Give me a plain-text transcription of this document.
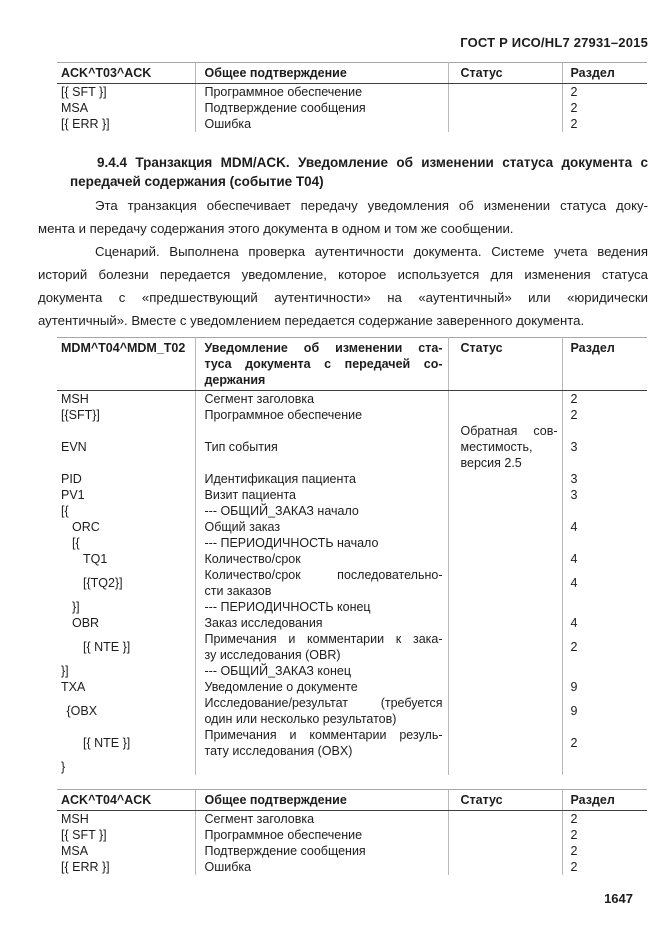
ГОСТ Р ИСО/HL7 27931–2015
ACK^T03^ACK	Общее подтверждение	Статус	Раздел
[{ SFT }]	Программное обеспечение		2
MSA	Подтверждение сообщения		2
[{ ERR }]	Ошибка		2
9.4.4 Транзакция MDM/ACK. Уведомление об изменении статуса документа с
передачей содержания (событие T04)
Эта транзакция обеспечивает передачу уведомления об изменении статуса доку-
мента и передачу содержания этого документа в одном и том же сообщении.
Сценарий. Выполнена проверка аутентичности документа. Системе учета ведения
историй болезни передается уведомление, которое используется для изменения статуса
документа с «предшествующий аутентичности» на «аутентичный» или «юридически
аутентичный». Вместе с уведомлением передается содержание заверенного документа.
MDM^T04^MDM_T02	Уведомление об изменении ста-
туса документа с передачей со-
держания	Статус	Раздел
MSH	Сегмент заголовка		2
[{SFT}]	Программное обеспечение		2
EVN	Тип события	Обратная сов-
местимость,
версия 2.5	3
PID	Идентификация пациента		3
PV1	Визит пациента		3
[{	--- ОБЩИЙ_ЗАКАЗ начало		
ORC	Общий заказ		4
[{	--- ПЕРИОДИЧНОСТЬ начало		
TQ1	Количество/срок		4
[{TQ2}]	Количество/срок последовательно-
сти заказов		4
}]	--- ПЕРИОДИЧНОСТЬ конец		
OBR	Заказ исследования		4
[{ NTE }]	Примечания и комментарии к зака-
зу исследования (OBR)		2
}]	--- ОБЩИЙ_ЗАКАЗ конец		
TXA	Уведомление о документе		9
{OBX	Исследование/результат (требуется
один или несколько результатов)		9
[{ NTE }]	Примечания и комментарии резуль-
тату исследования (OBX)		2
}			
ACK^T04^ACK	Общее подтверждение	Статус	Раздел
MSH	Сегмент заголовка		2
[{ SFT }]	Программное обеспечение		2
MSA	Подтверждение сообщения		2
[{ ERR }]	Ошибка		2
1647
